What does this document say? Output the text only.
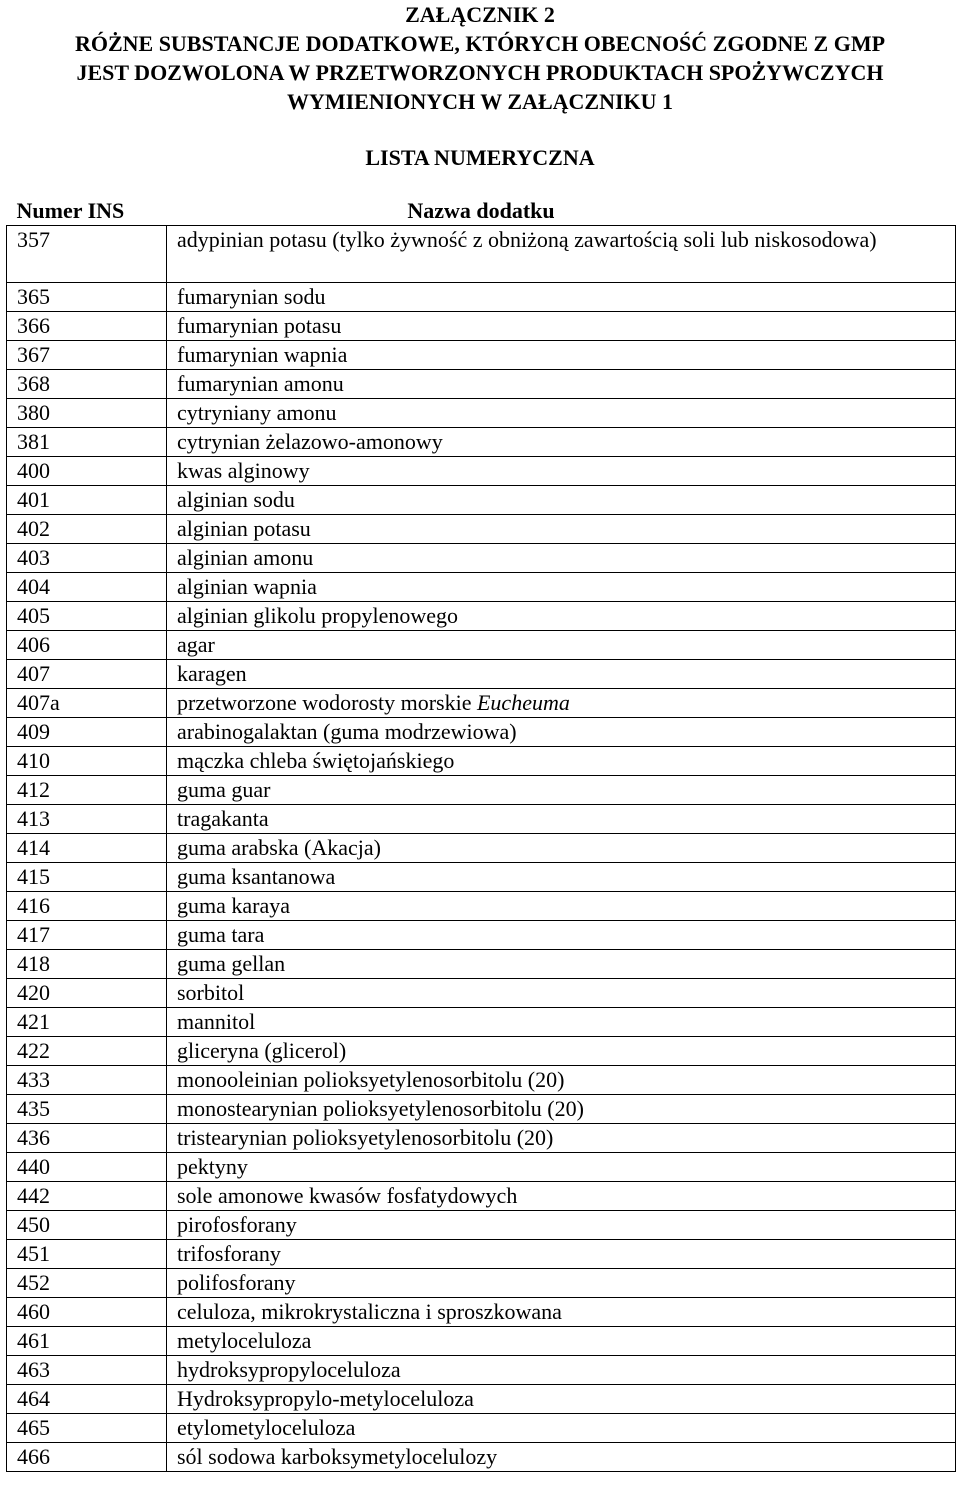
ZAŁĄCZNIK 2
RÓŻNE SUBSTANCJE DODATKOWE, KTÓRYCH OBECNOŚĆ ZGODNE Z GMP
JEST DOZWOLONA W PRZETWORZONYCH PRODUKTACH SPOŻYWCZYCH
WYMIENIONYCH W ZAŁĄCZNIKU 1
LISTA NUMERYCZNA
Numer INS	Nazwa dodatku
357	adypinian potasu (tylko żywność z obniżoną zawartością soli lub niskosodowa)
365	fumarynian sodu
366	fumarynian potasu
367	fumarynian wapnia
368	fumarynian amonu
380	cytryniany amonu
381	cytrynian żelazowo-amonowy
400	kwas alginowy
401	alginian sodu
402	alginian potasu
403	alginian amonu
404	alginian wapnia
405	alginian glikolu propylenowego
406	agar
407	karagen
407a	przetworzone wodorosty morskie Eucheuma
409	arabinogalaktan (guma modrzewiowa)
410	mączka chleba świętojańskiego
412	guma guar
413	tragakanta
414	guma arabska (Akacja)
415	guma ksantanowa
416	guma karaya
417	guma tara
418	guma gellan
420	sorbitol
421	mannitol
422	gliceryna (glicerol)
433	monooleinian polioksyetylenosorbitolu (20)
435	monostearynian polioksyetylenosorbitolu (20)
436	tristearynian polioksyetylenosorbitolu (20)
440	pektyny
442	sole amonowe kwasów fosfatydowych
450	pirofosforany
451	trifosforany
452	polifosforany
460	celuloza, mikrokrystaliczna i sproszkowana
461	metyloceluloza
463	hydroksypropyloceluloza
464	Hydroksypropylo-metyloceluloza
465	etylometyloceluloza
466	sól sodowa karboksymetylocelulozy
